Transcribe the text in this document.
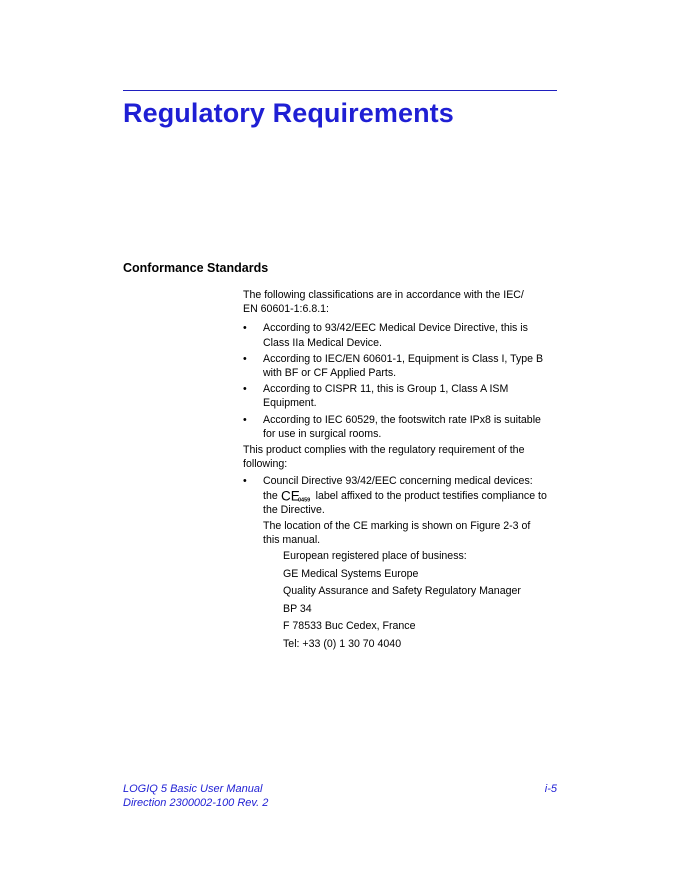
Regulatory Requirements
Conformance Standards

The following classifications are in accordance with the IEC/
EN 60601-1:6.8.1:

• According to 93/42/EEC Medical Device Directive, this is
Class IIa Medical Device.
• According to IEC/EN 60601-1, Equipment is Class I, Type B
with BF or CF Applied Parts.
• According to CISPR 11, this is Group 1, Class A ISM
Equipment.
• According to IEC 60529, the footswitch rate IPx8 is suitable
for use in surgical rooms.

This product complies with the regulatory requirement of the
following:

• Council Directive 93/42/EEC concerning medical devices:
the CE
0459 label affixed to the product testifies compliance to
the Directive.

The location of the CE marking is shown on Figure 2-3 of
this manual.

European registered place of business:

GE Medical Systems Europe

Quality Assurance and Safety Regulatory Manager

BP 34

F 78533 Buc Cedex, France

Tel: +33 (0) 1 30 70 4040

LOGIQ 5 Basic User Manual
Direction 2300002-100 Rev. 2
i-5
